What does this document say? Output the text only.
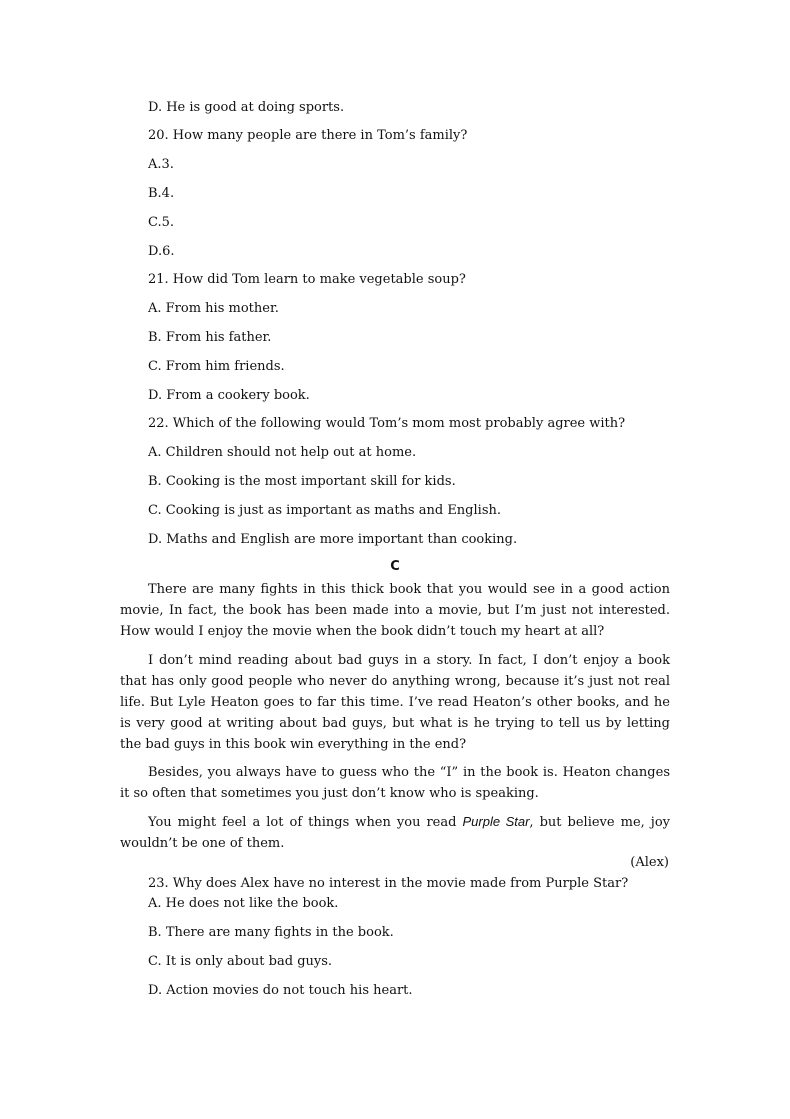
D. He is good at doing sports.
20. How many people are there in Tom’s family?
A.3.
B.4.
C.5.
D.6.
21. How did Tom learn to make vegetable soup?
A. From his mother.
B. From his father.
C. From him friends.
D. From a cookery book.
22. Which of the following would Tom’s mom most probably agree with?
A. Children should not help out at home.
B. Cooking is the most important skill for kids.
C. Cooking is just as important as maths and English.
D. Maths and English are more important than cooking.
C

There are many fights in this thick book that you would see in a good action movie, In fact, the book has been made into a movie, but I’m just not interested. How would I enjoy the movie when the book didn’t touch my heart at all?

I don’t mind reading about bad guys in a story. In fact, I don’t enjoy a book that has only good people who never do anything wrong, because it’s just not real life. But Lyle Heaton goes to far this time. I’ve read Heaton’s other books, and he is very good at writing about bad guys, but what is he trying to tell us by letting the bad guys in this book win everything in the end?

Besides, you always have to guess who the “I” in the book is. Heaton changes it so often that sometimes you just don’t know who is speaking.

You might feel a lot of things when you read Purple Star, but believe me, joy wouldn’t be one of them.

(Alex)
23. Why does Alex have no interest in the movie made from Purple Star?
A. He does not like the book.
B. There are many fights in the book.
C. It is only about bad guys.
D. Action movies do not touch his heart.
